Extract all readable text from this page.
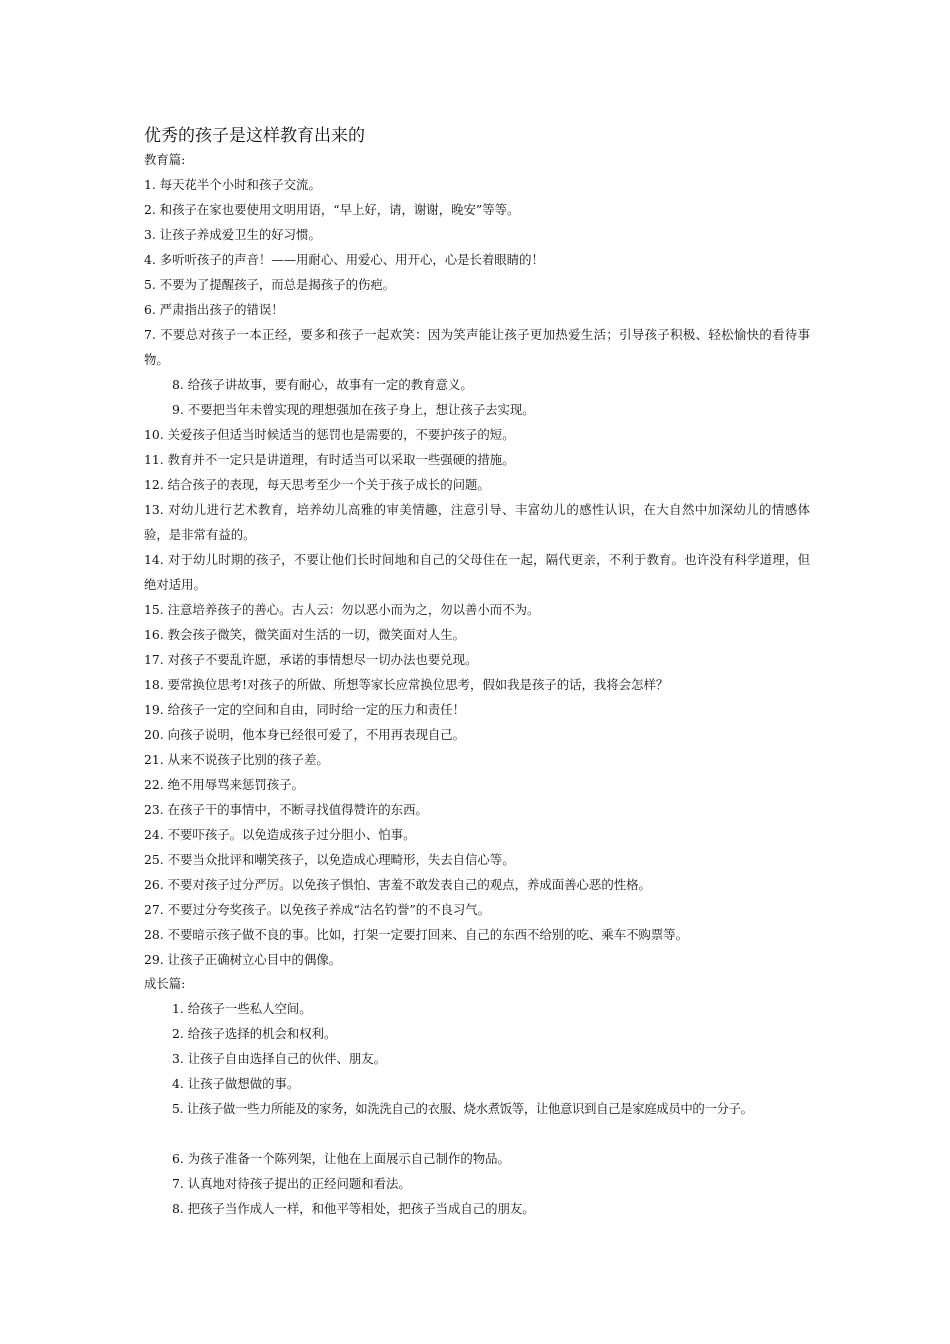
优秀的孩子是这样教育出来的
教育篇:
1. 每天花半个小时和孩子交流。
2. 和孩子在家也要使用文明用语，“早上好，请，谢谢，晚安”等等。
3. 让孩子养成爱卫生的好习惯。
4. 多听听孩子的声音！——用耐心、用爱心、用开心，心是长着眼睛的！
5. 不要为了提醒孩子，而总是揭孩子的伤疤。
6. 严肃指出孩子的错误！
7. 不要总对孩子一本正经，要多和孩子一起欢笑：因为笑声能让孩子更加热爱生活；引导孩子积极、轻松愉快的看待事物。
8. 给孩子讲故事，要有耐心，故事有一定的教育意义。
9. 不要把当年未曾实现的理想强加在孩子身上，想让孩子去实现。
10. 关爱孩子但适当时候适当的惩罚也是需要的，不要护孩子的短。
11. 教育并不一定只是讲道理，有时适当可以采取一些强硬的措施。
12. 结合孩子的表现，每天思考至少一个关于孩子成长的问题。
13. 对幼儿进行艺术教育，培养幼儿高雅的审美情趣，注意引导、丰富幼儿的感性认识，在大自然中加深幼儿的情感体验，是非常有益的。
14. 对于幼儿时期的孩子，不要让他们长时间地和自己的父母住在一起，隔代更亲，不利于教育。也许没有科学道理，但绝对适用。
15. 注意培养孩子的善心。古人云：勿以恶小而为之，勿以善小而不为。
16. 教会孩子微笑，微笑面对生活的一切，微笑面对人生。
17. 对孩子不要乱许愿，承诺的事情想尽一切办法也要兑现。
18. 要常换位思考!对孩子的所做、所想等家长应常换位思考，假如我是孩子的话，我将会怎样？
19. 给孩子一定的空间和自由，同时给一定的压力和责任！
20. 向孩子说明，他本身已经很可爱了，不用再表现自己。
21. 从来不说孩子比别的孩子差。
22. 绝不用辱骂来惩罚孩子。
23. 在孩子干的事情中，不断寻找值得赞许的东西。
24. 不要吓孩子。以免造成孩子过分胆小、怕事。
25. 不要当众批评和嘲笑孩子，以免造成心理畸形，失去自信心等。
26. 不要对孩子过分严厉。以免孩子惧怕、害羞不敢发表自己的观点，养成面善心恶的性格。
27. 不要过分夸奖孩子。以免孩子养成“沽名钓誉”的不良习气。
28. 不要暗示孩子做不良的事。比如，打架一定要打回来、自己的东西不给别的吃、乘车不购票等。
29. 让孩子正确树立心目中的偶像。
成长篇:
1. 给孩子一些私人空间。
2. 给孩子选择的机会和权利。
3. 让孩子自由选择自己的伙伴、朋友。
4. 让孩子做想做的事。
5. 让孩子做一些力所能及的家务，如洗洗自己的衣服、烧水煮饭等，让他意识到自己是家庭成员中的一分子。
6. 为孩子准备一个陈列架，让他在上面展示自己制作的物品。
7. 认真地对待孩子提出的正经问题和看法。
8. 把孩子当作成人一样，和他平等相处，把孩子当成自己的朋友。
